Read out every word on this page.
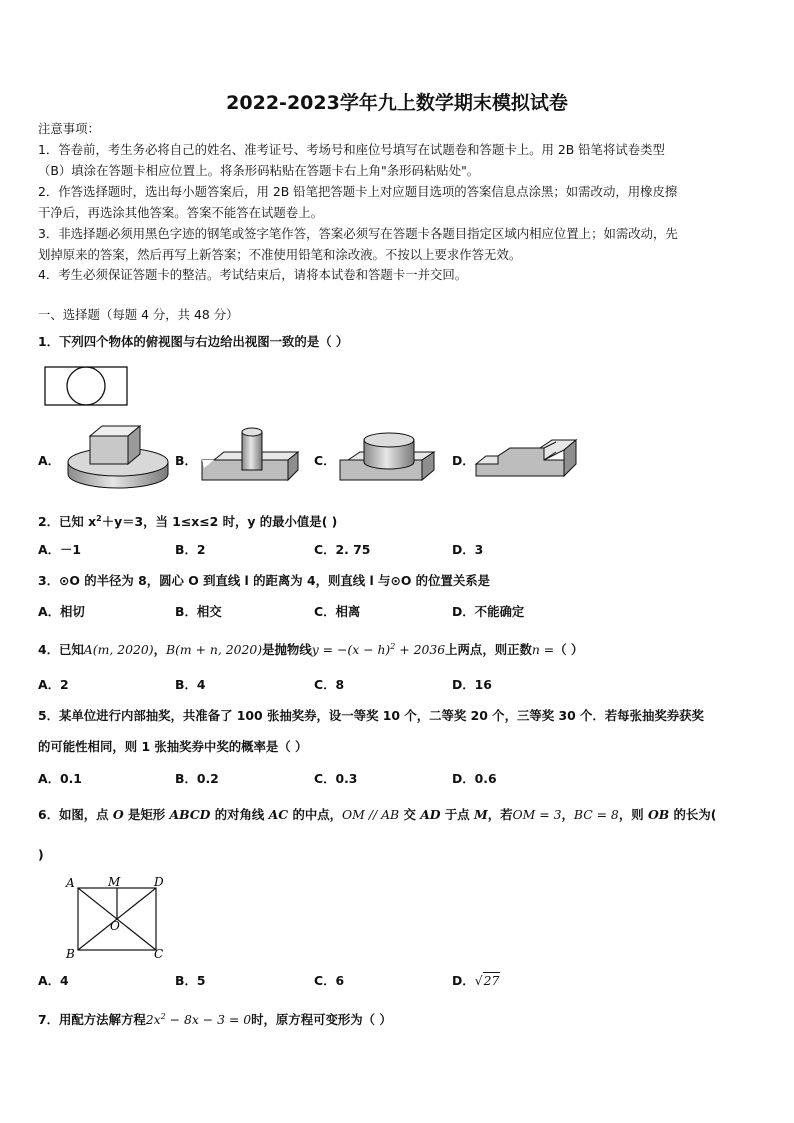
2022-2023学年九上数学期末模拟试卷
注意事项：
1．答卷前，考生务必将自己的姓名、准考证号、考场号和座位号填写在试题卷和答题卡上。用 2B 铅笔将试卷类型
（B）填涂在答题卡相应位置上。将条形码粘贴在答题卡右上角"条形码粘贴处"。
2．作答选择题时，选出每小题答案后，用 2B 铅笔把答题卡上对应题目选项的答案信息点涂黑；如需改动，用橡皮擦
干净后，再选涂其他答案。答案不能答在试题卷上。
3．非选择题必须用黑色字迹的钢笔或签字笔作答，答案必须写在答题卡各题目指定区域内相应位置上；如需改动，先
划掉原来的答案，然后再写上新答案；不准使用铅笔和涂改液。不按以上要求作答无效。
4．考生必须保证答题卡的整洁。考试结束后，请将本试卷和答题卡一并交回。
一、选择题（每题 4 分，共 48 分）
1．下列四个物体的俯视图与右边给出视图一致的是（ ）
A．	B．	C．	D．
2．已知 $x^2+y=3$，当 1≤x≤2 时，y 的最小值是( )
A．－1	B．2	C．2. 75	D．3
3．⊙O 的半径为 8，圆心 O 到直线 l 的距离为 4，则直线 l 与⊙O 的位置关系是
A．相切	B．相交	C．相离	D．不能确定
4．已知A(m, 2020)，B(m + n, 2020)是抛物线$y = -(x - h)^2 + 2036$上两点，则正数n =（ ）
A．2	B．4	C．8	D．16
5．某单位进行内部抽奖，共准备了 100 张抽奖券，设一等奖 10 个，二等奖 20 个，三等奖 30 个．若每张抽奖券获奖
的可能性相同，则 1 张抽奖券中奖的概率是（ ）
A．0.1	B．0.2	C．0.3	D．0.6
6．如图，点 O 是矩形 ABCD 的对角线 AC 的中点，OM // AB 交 AD 于点 M，若OM = 3，BC = 8，则 OB 的长为(
)
A	M	D
O
B	C
A．4	B．5	C．6	D．√27
7．用配方法解方程$2x^2 - 8x - 3 = 0$时，原方程可变形为（ ）
